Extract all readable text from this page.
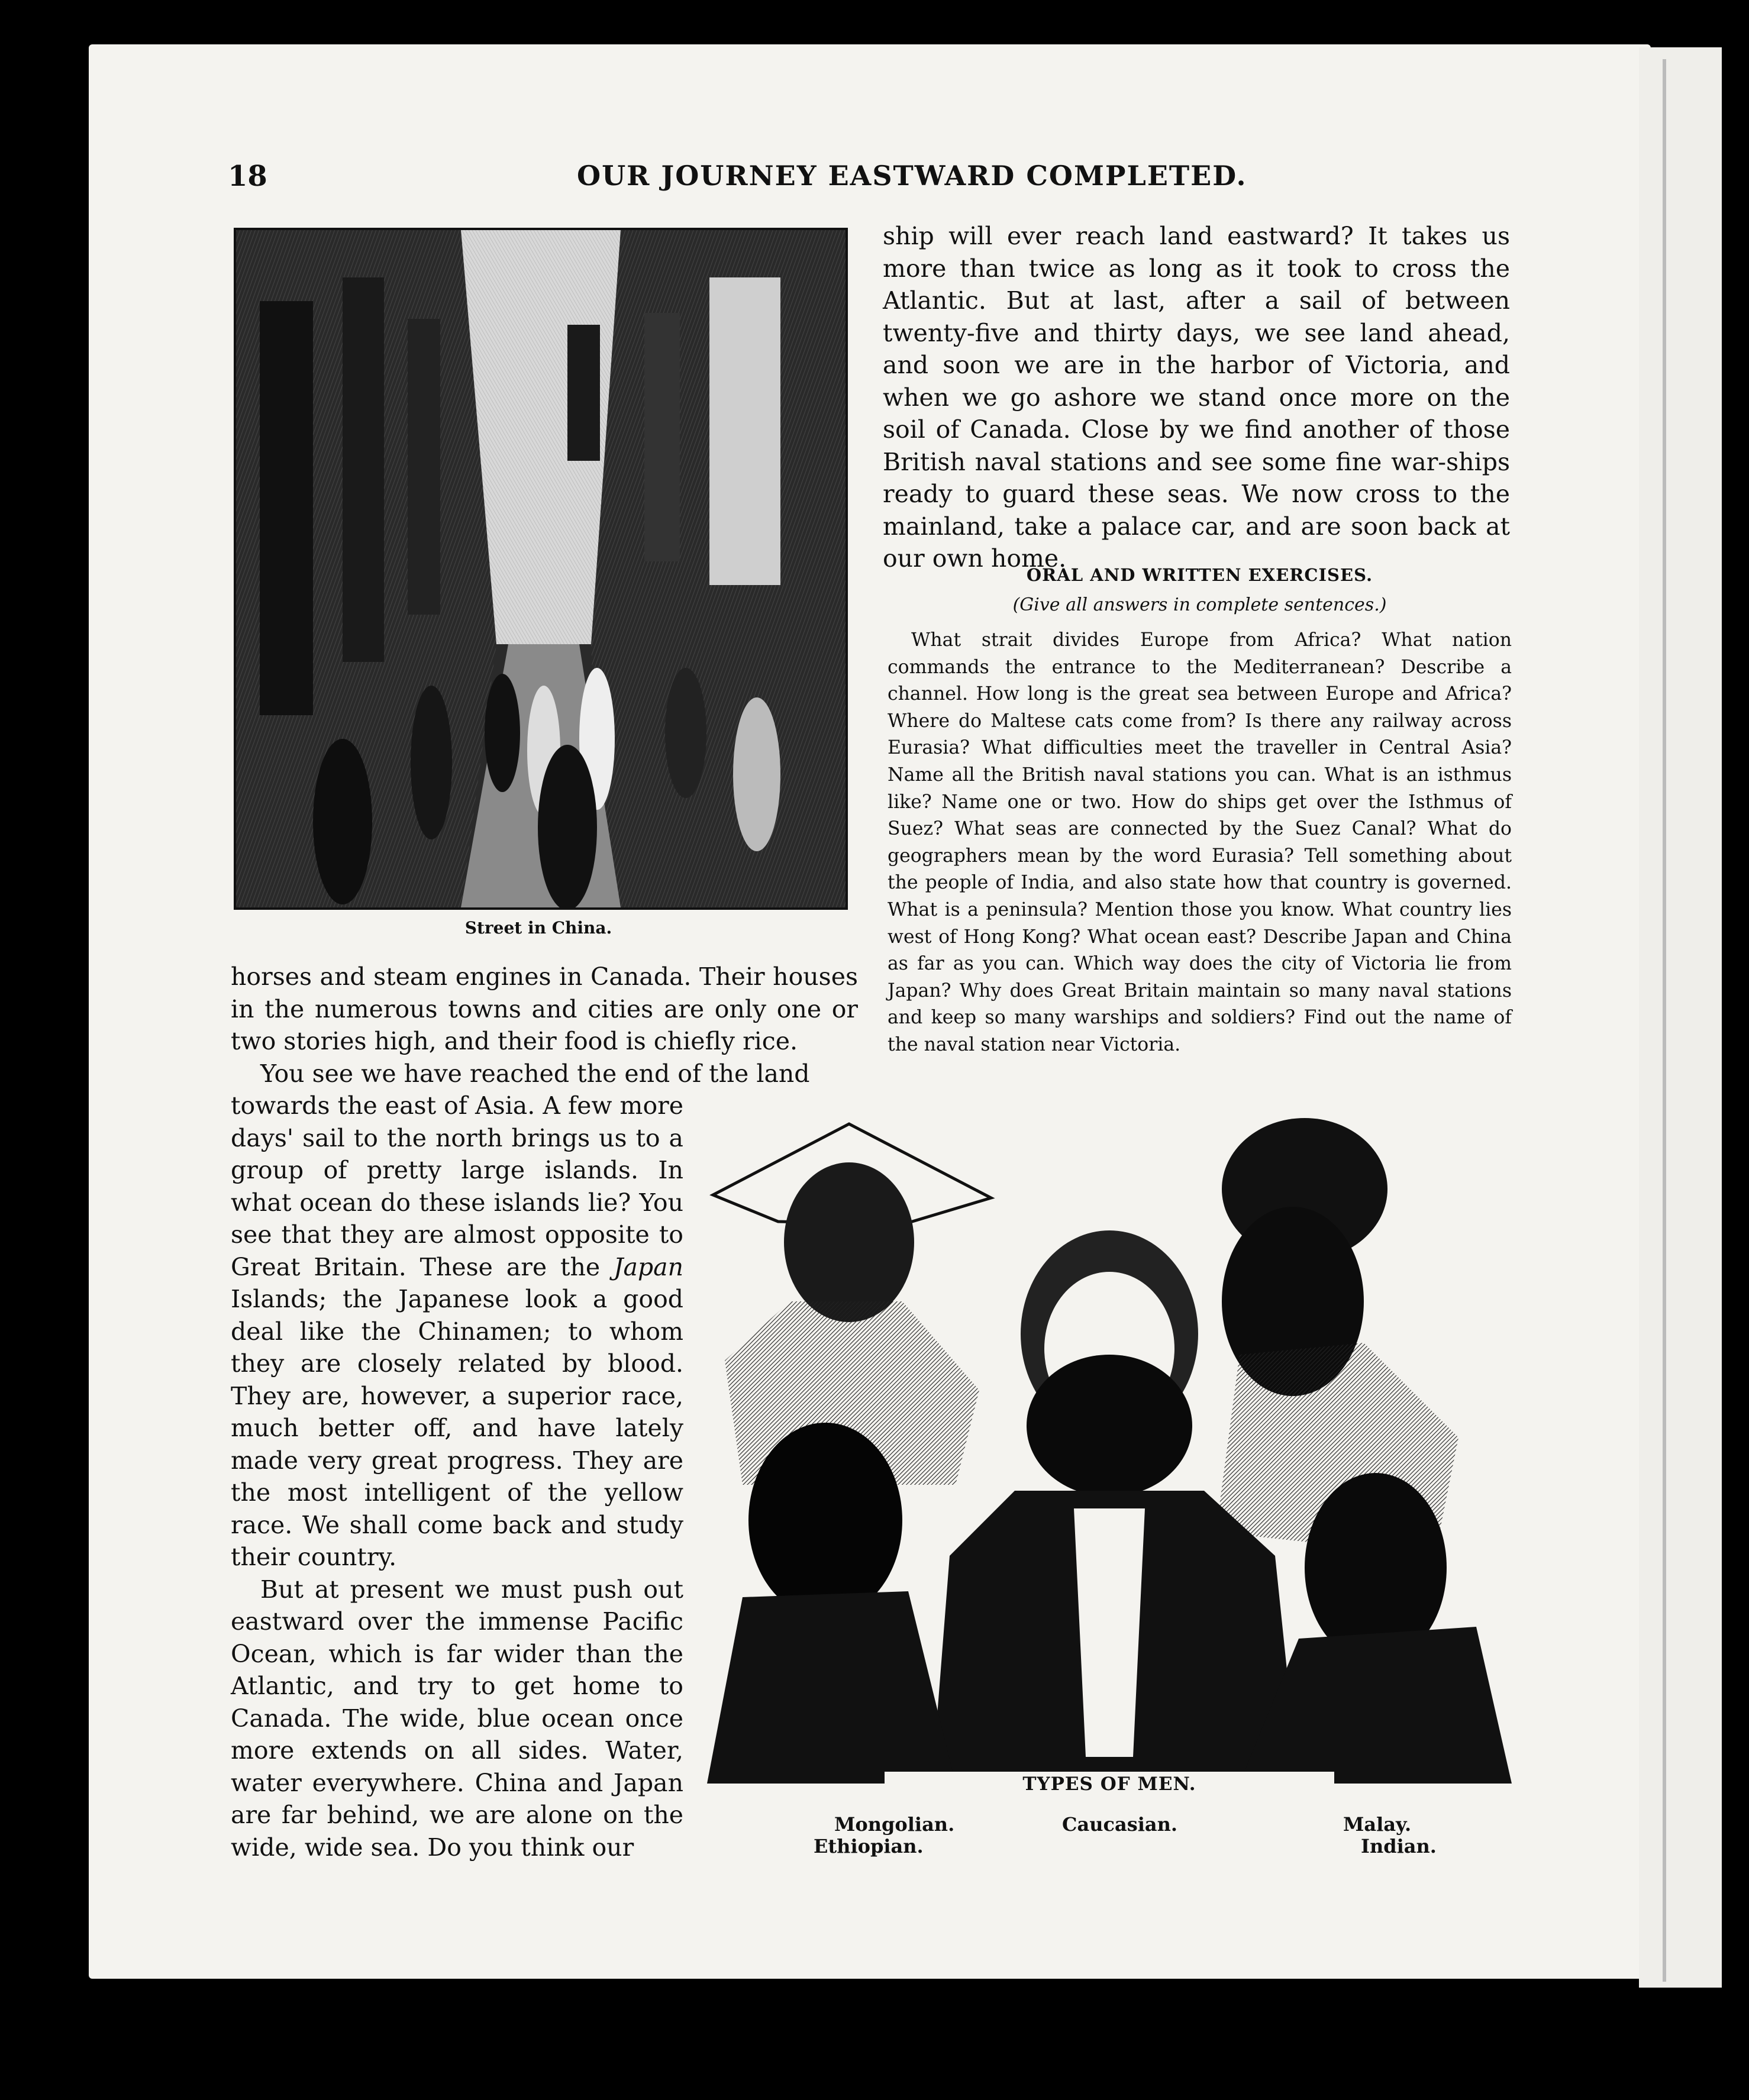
18	OUR JOURNEY EASTWARD COMPLETED.
Street in China.

ship will ever reach land eastward? It takes us more than twice as long as it took to cross the Atlantic. But at last, after a sail of between twenty-five and thirty days, we see land ahead, and soon we are in the harbor of Victoria, and when we go ashore we stand once more on the soil of Canada. Close by we find another of those British naval stations and see some fine war-ships ready to guard these seas. We now cross to the mainland, take a palace car, and are soon back at our own home.

ORAL AND WRITTEN EXERCISES.
(Give all answers in complete sentences.)
What strait divides Europe from Africa? What nation commands the entrance to the Mediterranean? Describe a channel. How long is the great sea between Europe and Africa? Where do Maltese cats come from? Is there any railway across Eurasia? What difficulties meet the traveller in Central Asia? Name all the British naval stations you can. What is an isthmus like? Name one or two. How do ships get over the Isthmus of Suez? What seas are connected by the Suez Canal? What do geographers mean by the word Eurasia? Tell something about the people of India, and also state how that country is governed. What is a peninsula? Mention those you know. What country lies west of Hong Kong? What ocean east? Describe Japan and China as far as you can. Which way does the city of Victoria lie from Japan? Why does Great Britain maintain so many naval stations and keep so many warships and soldiers? Find out the name of the naval station near Victoria.

horses and steam engines in Canada. Their houses in the numerous towns and cities are only one or two stories high, and their food is chiefly rice.

You see we have reached the end of the land

towards the east of Asia. A few more days' sail to the north brings us to a group of pretty large islands. In what ocean do these islands lie? You see that they are almost opposite to Great Britain. These are the Japan Islands; the Japanese look a good deal like the Chinamen; to whom they are closely related by blood. They are, however, a superior race, much better off, and have lately made very great progress. They are the most intelligent of the yellow race. We shall come back and study their country.

But at present we must push out eastward over the immense Pacific Ocean, which is far wider than the Atlantic, and try to get home to Canada. The wide, blue ocean once more extends on all sides. Water, water everywhere. China and Japan are far behind, we are alone on the wide, wide sea. Do you think our

TYPES OF MEN.
Mongolian.
Ethiopian.
Caucasian.	Malay.
Indian.
